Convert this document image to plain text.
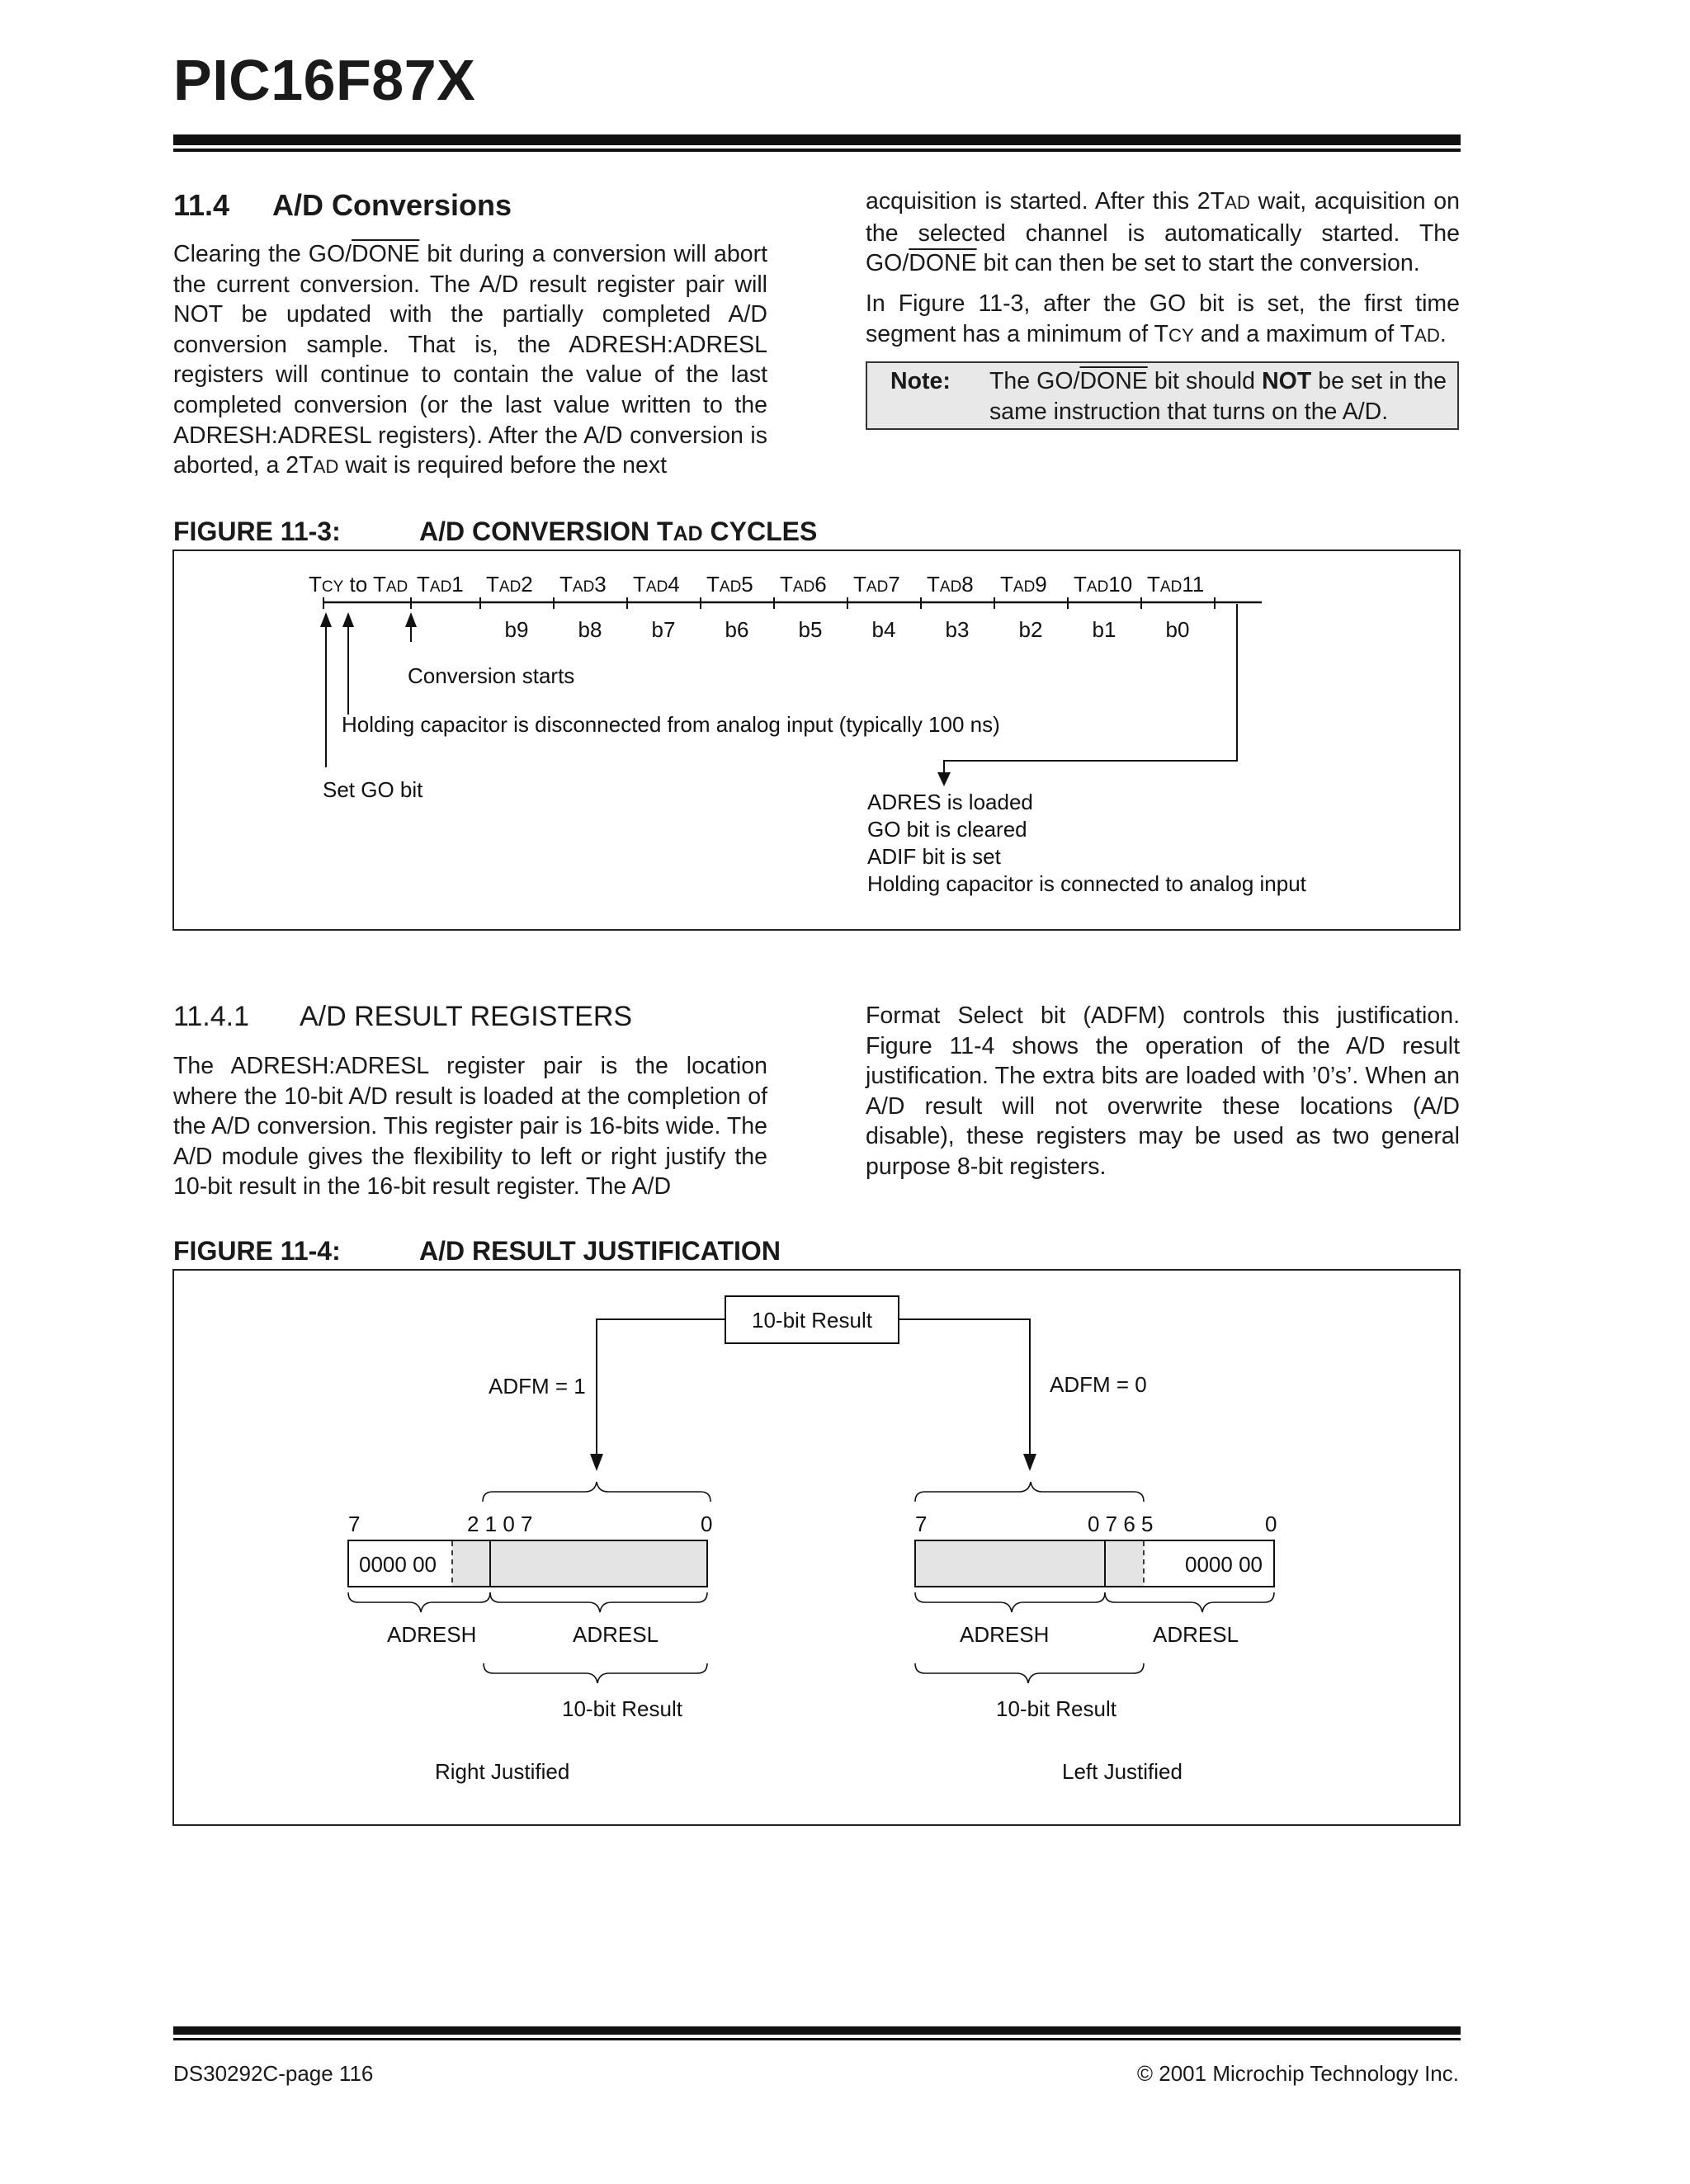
PIC16F87X
11.4 A/D Conversions

Clearing the GO/DONE bit during a conversion will abort the current conversion. The A/D result register pair will NOT be updated with the partially completed A/D conversion sample. That is, the ADRESH:ADRESL registers will continue to contain the value of the last completed conversion (or the last value written to the ADRESH:ADRESL registers). After the A/D conversion is aborted, a 2TAD wait is required before the next

acquisition is started. After this 2TAD wait, acquisition on the selected channel is automatically started. The GO/DONE bit can then be set to start the conversion.

In Figure 11-3, after the GO bit is set, the first time segment has a minimum of TCY and a maximum of TAD.

Note: The GO/DONE bit should NOT be set in the same instruction that turns on the A/D.

FIGURE 11-3:	A/D CONVERSION TAD CYCLES
TCY to TAD TAD1 TAD2 TAD3 TAD4 TAD5 TAD6 TAD7 TAD8 TAD9 TAD10 TAD11
b9 b8 b7 b6 b5 b4 b3 b2 b1 b0
Conversion starts
Holding capacitor is disconnected from analog input (typically 100 ns)
Set GO bit	ADRES is loaded
GO bit is cleared
ADIF bit is set
Holding capacitor is connected to analog input
11.4.1 A/D RESULT REGISTERS

The ADRESH:ADRESL register pair is the location where the 10-bit A/D result is loaded at the completion of the A/D conversion. This register pair is 16-bits wide. The A/D module gives the flexibility to left or right justify the 10-bit result in the 16-bit result register. The A/D

Format Select bit (ADFM) controls this justification. Figure 11-4 shows the operation of the A/D result justification. The extra bits are loaded with ’0’s’. When an A/D result will not overwrite these locations (A/D disable), these registers may be used as two general purpose 8-bit registers.

FIGURE 11-4:	A/D RESULT JUSTIFICATION
10-bit Result
ADFM = 1	ADFM = 0
7	2 1 0 7	0
0000 00
ADRESH	ADRESL
10-bit Result
Right Justified
7	0 7 6 5	0
0000 00
ADRESH	ADRESL
10-bit Result
Left Justified
DS30292C-page 116	© 2001 Microchip Technology Inc.
